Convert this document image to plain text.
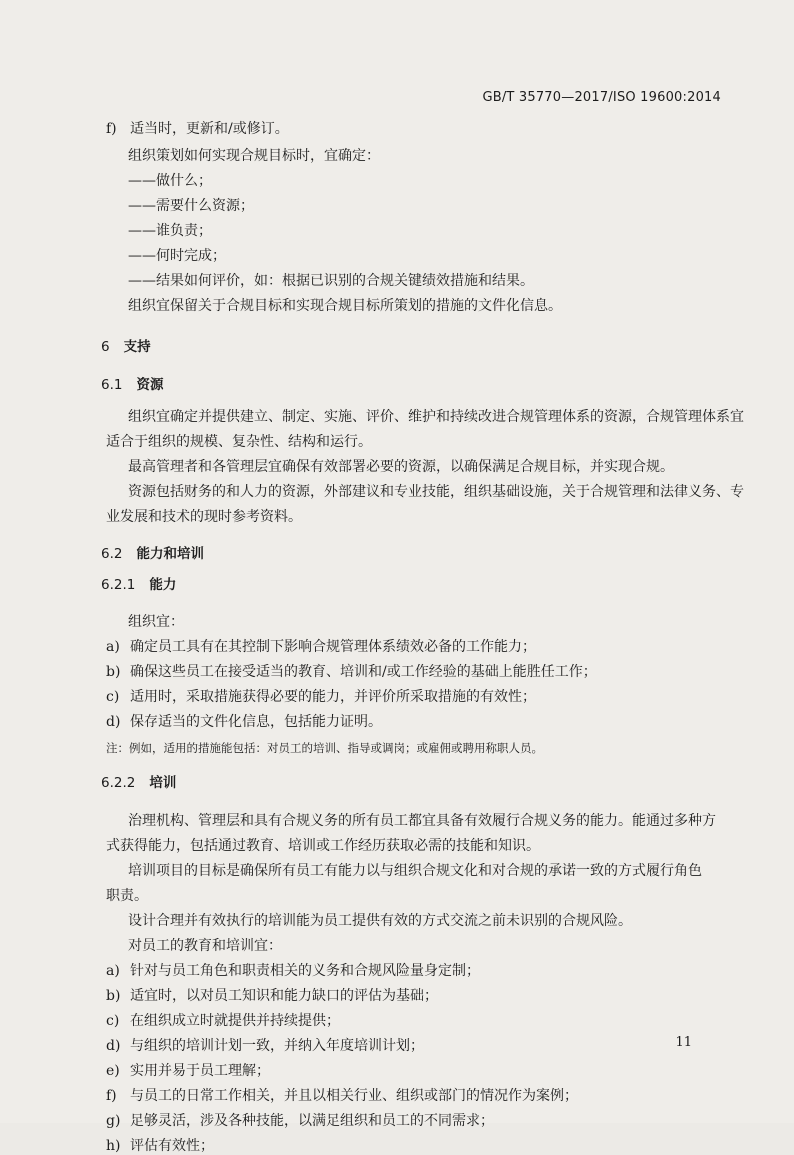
GB/T 35770—2017/ISO 19600:2014
f) 适当时，更新和/或修订。
组织策划如何实现合规目标时，宜确定：
——做什么；
——需要什么资源；
——谁负责；
——何时完成；
——结果如何评价，如：根据已识别的合规关键绩效措施和结果。
组织宜保留关于合规目标和实现合规目标所策划的措施的文件化信息。
6 支持
6.1 资源
组织宜确定并提供建立、制定、实施、评价、维护和持续改进合规管理体系的资源，合规管理体系宜
适合于组织的规模、复杂性、结构和运行。
最高管理者和各管理层宜确保有效部署必要的资源，以确保满足合规目标，并实现合规。
资源包括财务的和人力的资源，外部建议和专业技能，组织基础设施，关于合规管理和法律义务、专
业发展和技术的现时参考资料。
6.2 能力和培训
6.2.1 能力
组织宜：
a) 确定员工具有在其控制下影响合规管理体系绩效必备的工作能力；
b) 确保这些员工在接受适当的教育、培训和/或工作经验的基础上能胜任工作；
c) 适用时，采取措施获得必要的能力，并评价所采取措施的有效性；
d) 保存适当的文件化信息，包括能力证明。
注：例如，适用的措施能包括：对员工的培训、指导或调岗；或雇佣或聘用称职人员。
6.2.2 培训
治理机构、管理层和具有合规义务的所有员工都宜具备有效履行合规义务的能力。能通过多种方
式获得能力，包括通过教育、培训或工作经历获取必需的技能和知识。
培训项目的目标是确保所有员工有能力以与组织合规文化和对合规的承诺一致的方式履行角色
职责。
设计合理并有效执行的培训能为员工提供有效的方式交流之前未识别的合规风险。
对员工的教育和培训宜：
a) 针对与员工角色和职责相关的义务和合规风险量身定制；
b) 适宜时，以对员工知识和能力缺口的评估为基础；
c) 在组织成立时就提供并持续提供；
d) 与组织的培训计划一致，并纳入年度培训计划；
e) 实用并易于员工理解；
f) 与员工的日常工作相关，并且以相关行业、组织或部门的情况作为案例；
g) 足够灵活，涉及各种技能，以满足组织和员工的不同需求；
h) 评估有效性；
11
